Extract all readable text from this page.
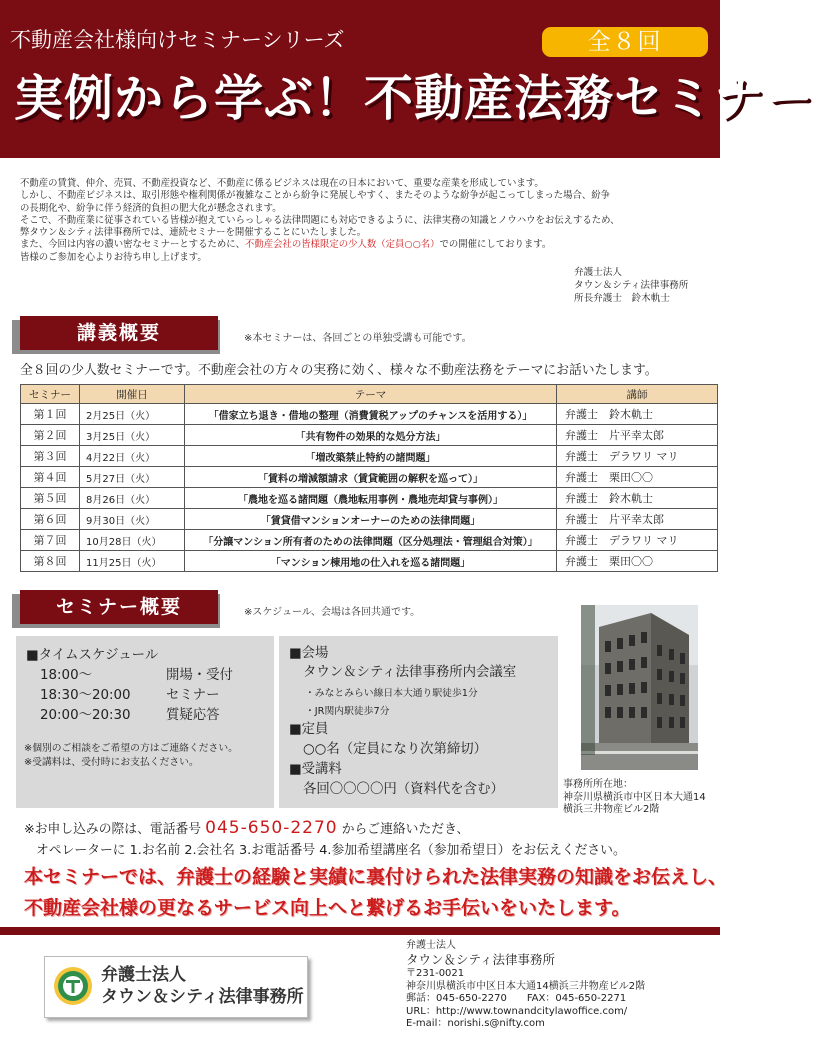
不動産会社様向けセミナーシリーズ	全８回
実例から学ぶ！不動産法務セミナー

不動産の賃貸、仲介、売買、不動産投資など、不動産に係るビジネスは現在の日本において、重要な産業を形成しています。

しかし、不動産ビジネスは、取引形態や権利関係が複雑なことから紛争に発展しやすく、またそのような紛争が起こってしまった場合、紛争

の長期化や、紛争に伴う経済的負担の肥大化が懸念されます。

そこで、不動産業に従事されている皆様が抱えていらっしゃる法律問題にも対応できるように、法律実務の知識とノウハウをお伝えするため、

弊タウン＆シティ法律事務所では、連続セミナーを開催することにいたしました。

また、今回は内容の濃い密なセミナーとするために、不動産会社の皆様限定の少人数（定員○○名）での開催にしております。

皆様のご参加を心よりお待ち申し上げます。

弁護士法人
タウン＆シティ法律事務所
所長弁護士　鈴木軌士
講義概要	※本セミナーは、各回ごとの単独受講も可能です。
全８回の少人数セミナーです。不動産会社の方々の実務に効く、様々な不動産法務をテーマにお話いたします。
セミナー	開催日	テーマ	講師
第１回	2月25日（火）	「借家立ち退き・借地の整理（消費賃税アップのチャンスを活用する）」	弁護士　鈴木軌士
第２回	3月25日（火）	「共有物件の効果的な処分方法」	弁護士　片平幸太郎
第３回	4月22日（火）	「増改築禁止特約の諸問題」	弁護士　デラワリ マリ
第４回	5月27日（火）	「賃料の増減額請求（賃貸範囲の解釈を巡って）」	弁護士　栗田〇〇
第５回	8月26日（火）	「農地を巡る諸問題（農地転用事例・農地売却貸与事例）」	弁護士　鈴木軌士
第６回	9月30日（火）	「賃貸借マンションオーナーのための法律問題」	弁護士　片平幸太郎
第７回	10月28日（火）	「分譲マンション所有者のための法律問題（区分処理法・管理組合対策）」	弁護士　デラワリ マリ
第８回	11月25日（火）	「マンション棟用地の仕入れを巡る諸問題」	弁護士　栗田〇〇
セミナー概要	※スケジュール、会場は各回共通です。
■タイムスケジュール
18:00〜	開場・受付
18:30〜20:00	セミナー
20:00〜20:30	質疑応答
※個別のご相談をご希望の方はご連絡ください。
※受講料は、受付時にお支払ください。
■会場
タウン＆シティ法律事務所内会議室
・みなとみらい線日本大通り駅徒歩1分
・JR関内駅徒歩7分
■定員
○○名（定員になり次第締切）
■受講料
各回〇〇〇〇円（資料代を含む）	事務所所在地：
神奈川県横浜市中区日本大通14
横浜三井物産ビル2階
※お申し込みの際は、電話番号 045-650-2270 からご連絡いただき、
オペレーターに 1.お名前 2.会社名 3.お電話番号 4.参加希望講座名（参加希望日）をお伝えください。
本セミナーでは、弁護士の経験と実績に裏付けられた法律実務の知識をお伝えし、
不動産会社様の更なるサービス向上へと繋げるお手伝いをいたします。
弁護士法人
タウン＆シティ法律事務所
弁護士法人
タウン＆シティ法律事務所
〒231-0021
神奈川県横浜市中区日本大通14横浜三井物産ビル2階
郵話：045-650-2270　　FAX：045-650-2271
URL：http://www.townandcitylawoffice.com/
E-mail：norishi.s@nifty.com
